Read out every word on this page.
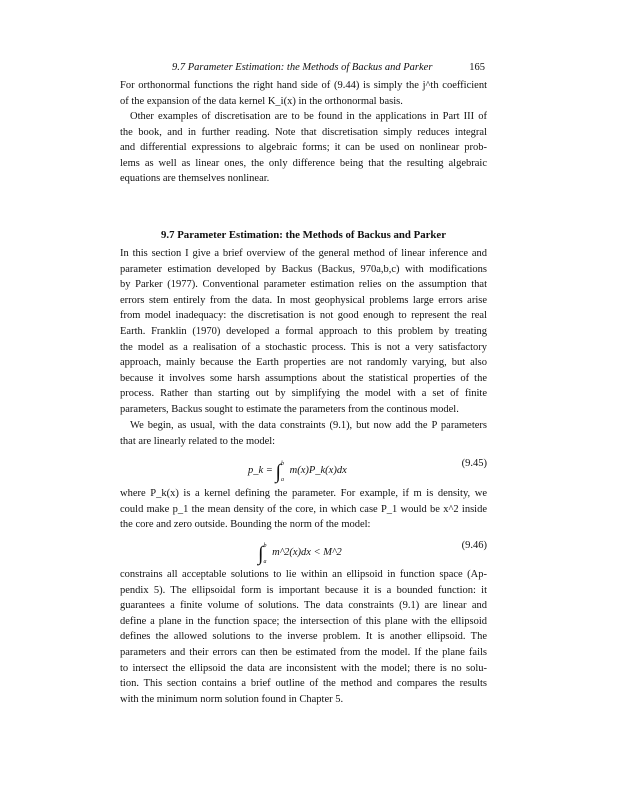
9.7 Parameter Estimation: the Methods of Backus and Parker	165
For orthonormal functions the right hand side of (9.44) is simply the j^th coefficient
of the expansion of the data kernel K_i(x) in the orthonormal basis.
Other examples of discretisation are to be found in the applications in Part III of
the book, and in further reading. Note that discretisation simply reduces integral
and differential expressions to algebraic forms; it can be used on nonlinear prob-
lems as well as linear ones, the only difference being that the resulting algebraic
equations are themselves nonlinear.
9.7 Parameter Estimation: the Methods of Backus and Parker
In this section I give a brief overview of the general method of linear inference and
parameter estimation developed by Backus (Backus, 970a,b,c) with modifications
by Parker (1977). Conventional parameter estimation relies on the assumption that
errors stem entirely from the data. In most geophysical problems large errors arise
from model inadequacy: the discretisation is not good enough to represent the real
Earth. Franklin (1970) developed a formal approach to this problem by treating
the model as a realisation of a stochastic process. This is not a very satisfactory
approach, mainly because the Earth properties are not randomly varying, but also
because it involves some harsh assumptions about the statistical properties of the
process. Rather than starting out by simplifying the model with a set of finite
parameters, Backus sought to estimate the parameters from the continous model.
We begin, as usual, with the data constraints (9.1), but now add the P parameters
that are linearly related to the model:
p_k = ∫ b
a
m(x)P_k(x)dx
(9.45)
where P_k(x) is a kernel defining the parameter. For example, if m is density, we
could make p_1 the mean density of the core, in which case P_1 would be x^2 inside
the core and zero outside. Bounding the norm of the model:
∫ b
a
m^2(x)dx < M^2
(9.46)
constrains all acceptable solutions to lie within an ellipsoid in function space (Ap-
pendix 5). The ellipsoidal form is important because it is a bounded function: it
guarantees a finite volume of solutions. The data constraints (9.1) are linear and
define a plane in the function space; the intersection of this plane with the ellipsoid
defines the allowed solutions to the inverse problem. It is another ellipsoid. The
parameters and their errors can then be estimated from the model. If the plane fails
to intersect the ellipsoid the data are inconsistent with the model; there is no solu-
tion. This section contains a brief outline of the method and compares the results
with the minimum norm solution found in Chapter 5.
